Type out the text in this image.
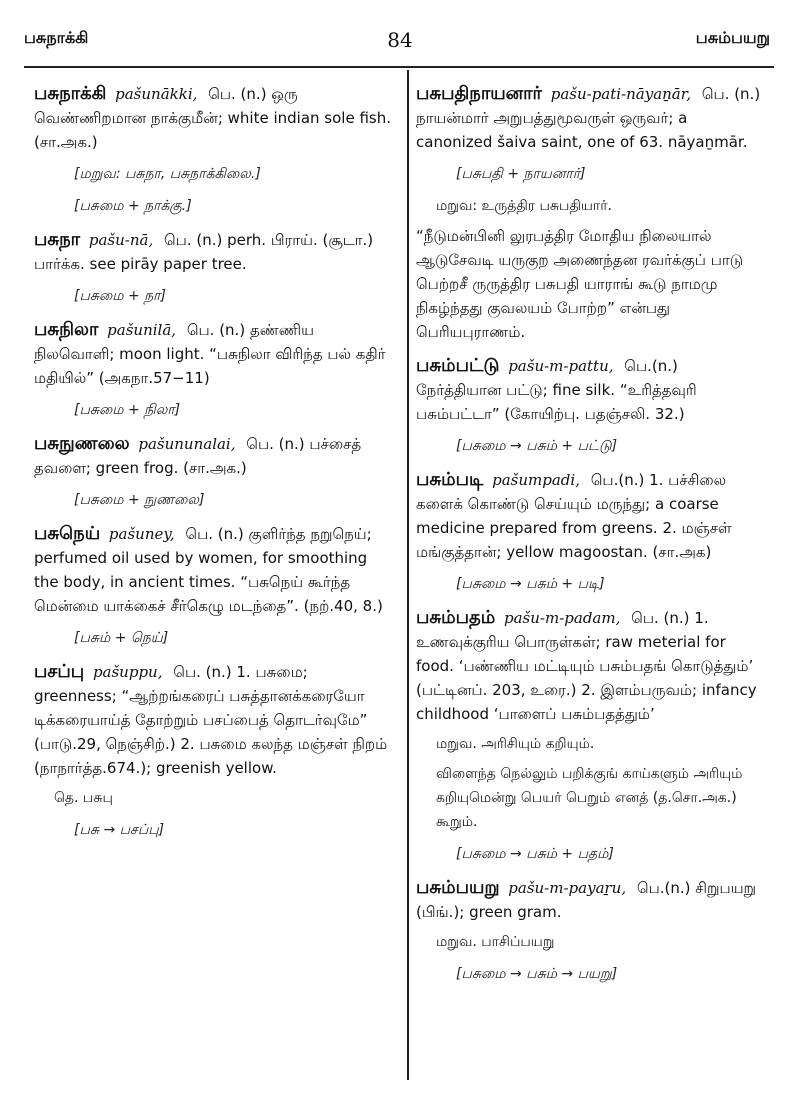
பசுநாக்கி	84	பசும்பயறு
பசுநாக்கி pašunākki, பெ. (n.) ஒரு வெண்ணிறமான நாக்குமீன்; white indian sole fish. (சா.அக.)
[மறுவ: பசுநா, பசுநாக்கிலை.]
[பசுமை + நாக்கு.]
பசுநா pašu-nā, பெ. (n.) perh. பிராய். (சூடா.) பார்க்க. see pirāy paper tree.
[பசுமை + நா]
பசுநிலா pašunilā, பெ. (n.) தண்ணிய நிலவொளி; moon light. “பசுநிலா விரிந்த பல் கதிர் மதியில்” (அகநா.57−11)
[பசுமை + நிலா]
பசுநுணலை pašununalai, பெ. (n.) பச்சைத் தவளை; green frog. (சா.அக.)
[பசுமை + நுணலை]
பசுநெய் pašuney, பெ. (n.) குளிர்ந்த நறுநெய்; perfumed oil used by women, for smoothing the body, in ancient times. “பசுநெய் கூர்ந்த மென்மை யாக்கைச் சீர்கெழு மடந்தை”. (நற்.40, 8.)
[பசும் + நெய்]
பசப்பு pašuppu, பெ. (n.) 1. பசுமை; greenness; “ஆற்றங்கரைப் பசுத்தானக்கரையோ டிக்கரையாய்த் தோற்றும் பசப்பைத் தொடர்வுமே” (பாடு.29, நெஞ்சிற்.) 2. பசுமை கலந்த மஞ்சள் நிறம் (நாநார்த்த.674.); greenish yellow.
தெ. பசுபு
[பசு → பசப்பு]
பசுபதிநாயனார் pašu-pati-nāyaṉār, பெ. (n.) நாயன்மார் அறுபத்துமூவருள் ஒருவர்; a canonized šaiva saint, one of 63. nāyaṉmār.
[பசுபதி + நாயனார்]
மறுவ: உருத்திர பசுபதியார்.
“நீடுமன்பினி லுரபத்திர மோதிய நிலையால் ஆடுசேவடி யருகுற அணைந்தன ரவர்க்குப் பாடு பெற்றசீ ருருத்திர பசுபதி யாராங் கூடு நாமமு நிகழ்ந்தது குவலயம் போற்ற” என்பது பெரியபுராணம்.
பசும்பட்டு pašu-m-pattu, பெ.(n.) நேர்த்தியான பட்டு; fine silk. “உரித்தவுரி பசும்பட்டா” (கோயிற்பு. பதஞ்சலி. 32.)
[பசுமை → பசும் + பட்டு]
பசும்படி pašumpadi, பெ.(n.) 1. பச்சிலை களைக் கொண்டு செய்யும் மருந்து; a coarse medicine prepared from greens. 2. மஞ்சள் மங்குத்தான்; yellow magoostan. (சா.அக)
[பசுமை → பசும் + படி]
பசும்பதம் pašu-m-padam, பெ. (n.) 1. உணவுக்குரிய பொருள்கள்; raw meterial for food. ‘பண்ணிய மட்டியும் பசும்பதங் கொடுத்தும்’ (பட்டினப். 203, உரை.) 2. இளம்பருவம்; infancy childhood ‘பாளைப் பசும்பதத்தும்’
மறுவ. அரிசியும் கறியும்.
விளைந்த நெல்லும் பறிக்குங் காய்களும் அரியும் கறியுமென்று பெயர் பெறும் எனத் (த.சொ.அக.) கூறும்.
[பசுமை → பசும் + பதம்]
பசும்பயறு pašu-m-payaṟu, பெ.(n.) சிறுபயறு (பிங்.); green gram.
மறுவ. பாசிப்பயறு
[பசுமை → பசும் → பயறு]
